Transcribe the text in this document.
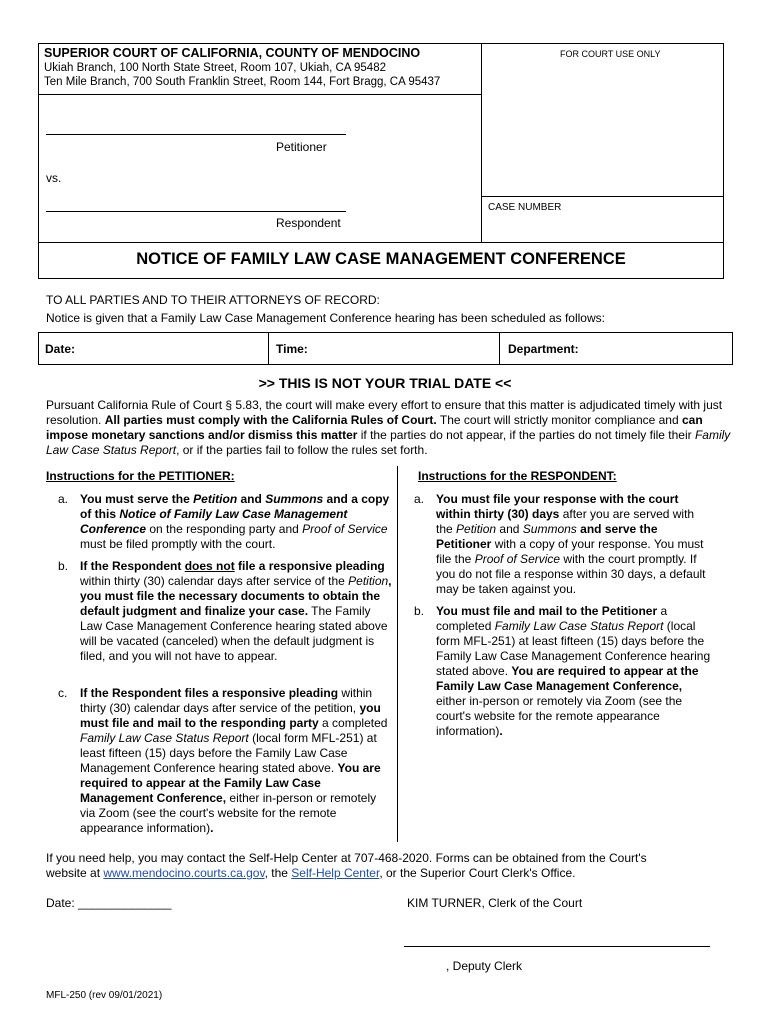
SUPERIOR COURT OF CALIFORNIA, COUNTY OF MENDOCINO
Ukiah Branch, 100 North State Street, Room 107, Ukiah, CA 95482
Ten Mile Branch, 700 South Franklin Street, Room 144, Fort Bragg, CA 95437
FOR COURT USE ONLY
CASE NUMBER
Petitioner
vs.
Respondent
NOTICE OF FAMILY LAW CASE MANAGEMENT CONFERENCE
TO ALL PARTIES AND TO THEIR ATTORNEYS OF RECORD:
Notice is given that a Family Law Case Management Conference hearing has been scheduled as follows:
Date:	Time:	Department:
>> THIS IS NOT YOUR TRIAL DATE <<
Pursuant California Rule of Court § 5.83, the court will make every effort to ensure that this matter is adjudicated timely with just resolution. All parties must comply with the California Rules of Court. The court will strictly monitor compliance and can impose monetary sanctions and/or dismiss this matter if the parties do not appear, if the parties do not timely file their Family Law Case Status Report, or if the parties fail to follow the rules set forth.
Instructions for the PETITIONER:
a. You must serve the Petition and Summons and a copy of this Notice of Family Law Case Management Conference on the responding party and Proof of Service must be filed promptly with the court.
b. If the Respondent does not file a responsive pleading within thirty (30) calendar days after service of the Petition, you must file the necessary documents to obtain the default judgment and finalize your case. The Family Law Case Management Conference hearing stated above will be vacated (canceled) when the default judgment is filed, and you will not have to appear.
c. If the Respondent files a responsive pleading within thirty (30) calendar days after service of the petition, you must file and mail to the responding party a completed Family Law Case Status Report (local form MFL-251) at least fifteen (15) days before the Family Law Case Management Conference hearing stated above. You are required to appear at the Family Law Case Management Conference, either in-person or remotely via Zoom (see the court's website for the remote appearance information).
Instructions for the RESPONDENT:
a. You must file your response with the court within thirty (30) days after you are served with the Petition and Summons and serve the Petitioner with a copy of your response. You must file the Proof of Service with the court promptly. If you do not file a response within 30 days, a default may be taken against you.
b. You must file and mail to the Petitioner a completed Family Law Case Status Report (local form MFL-251) at least fifteen (15) days before the Family Law Case Management Conference hearing stated above. You are required to appear at the Family Law Case Management Conference, either in-person or remotely via Zoom (see the court's website for the remote appearance information).
If you need help, you may contact the Self-Help Center at 707-468-2020. Forms can be obtained from the Court's website at www.mendocino.courts.ca.gov, the Self-Help Center, or the Superior Court Clerk's Office.
Date: ______________	KIM TURNER, Clerk of the Court
, Deputy Clerk
MFL-250 (rev 09/01/2021)
